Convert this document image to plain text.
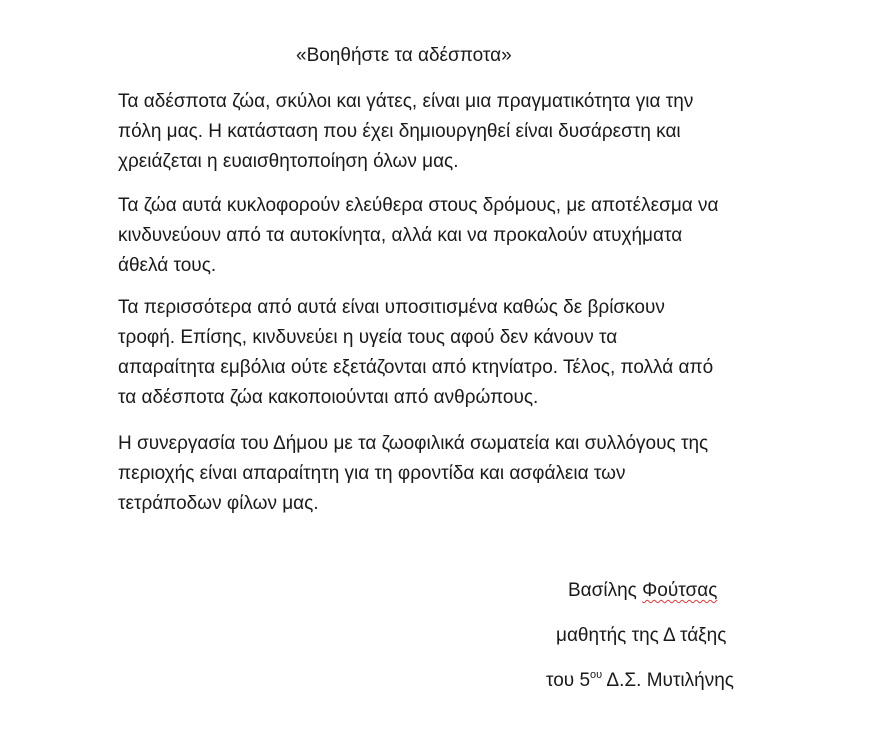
«Βοηθήστε τα αδέσποτα»

Τα αδέσποτα ζώα, σκύλοι και γάτες, είναι μια πραγματικότητα για την
πόλη μας. Η κατάσταση που έχει δημιουργηθεί είναι δυσάρεστη και
χρειάζεται η ευαισθητοποίηση όλων μας.

Τα ζώα αυτά κυκλοφορούν ελεύθερα στους δρόμους, με αποτέλεσμα να
κινδυνεύουν από τα αυτοκίνητα, αλλά και να προκαλούν ατυχήματα
άθελά τους.

Τα περισσότερα από αυτά είναι υποσιτισμένα καθώς δε βρίσκουν
τροφή. Επίσης, κινδυνεύει η υγεία τους αφού δεν κάνουν τα
απαραίτητα εμβόλια ούτε εξετάζονται από κτηνίατρο. Τέλος, πολλά από
τα αδέσποτα ζώα κακοποιούνται από ανθρώπους.

Η συνεργασία του Δήμου με τα ζωοφιλικά σωματεία και συλλόγους της
περιοχής είναι απαραίτητη για τη φροντίδα και ασφάλεια των
τετράποδων φίλων μας.

Βασίλης Φούτσας
μαθητής της Δ τάξης
του $5^{o\upsilon}$ Δ.Σ. Μυτιλήνης
